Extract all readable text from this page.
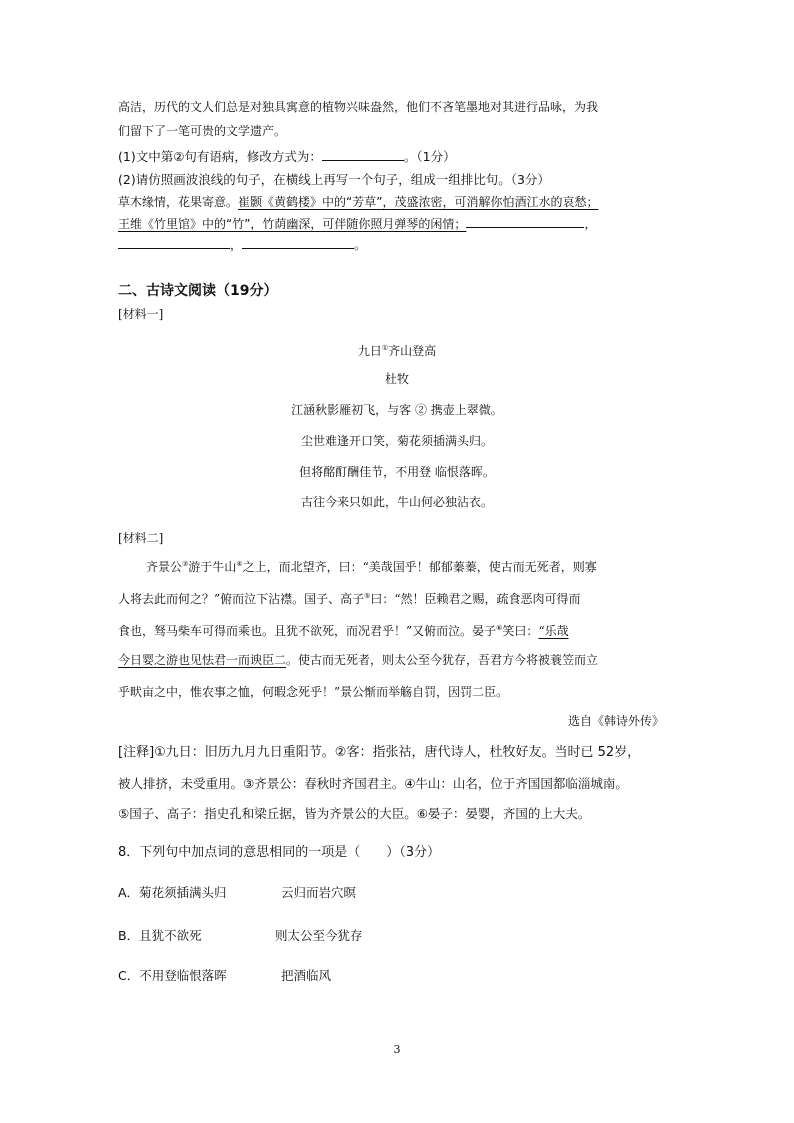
高洁，历代的文人们总是对独具寓意的植物兴味盎然，他们不吝笔墨地对其进行品咏，为我
们留下了一笔可贵的文学遗产。
(1)文中第②句有语病，修改方式为：	。（1分）
(2)请仿照画波浪线的句子，在横线上再写一个句子，组成一组排比句。（3分）
草木缘情，花果寄意。崔颢《黄鹤楼》中的“芳草”，茂盛浓密，可消解你怕酒江水的哀愁；
王维《竹里馆》中的“竹”，竹荫幽深，可伴随你照月弹琴的闲情；	，
，	。
二、古诗文阅读（19分）
[材料一]
九日①齐山登高
杜牧
江涵秋影雁初飞，与客 ② 携壶上翠微。
尘世难逢开口笑，菊花须插满头归。
但将酩酊酬佳节，不用登 临恨落晖。
古往今来只如此，牛山何必独沾衣。
[材料二]
齐景公③游于牛山④之上，而北望齐，曰：“美哉国乎！郁郁蓁蓁，使古而无死者，则寡
人将去此而何之？”俯而泣下沾襟。国子、高子⑤曰：“然！臣赖君之赐，疏食恶肉可得而
食也，驽马柴车可得而乘也。且犹不欲死，而况君乎！”又俯而泣。晏子⑥笑曰：“乐哉
今日婴之游也见怯君一而谀臣二。使古而无死者，则太公至今犹存，吾君方今将被蓑笠而立
乎畎亩之中，惟农事之恤，何暇念死乎！”景公惭而举觞自罚，因罚二臣。
选自《韩诗外传》
[注释]①九日：旧历九月九日重阳节。②客：指张祜，唐代诗人，杜牧好友。当时已 52岁，
被人排挤，未受重用。③齐景公：春秋时齐国君主。④牛山：山名，位于齐国国都临淄城南。
⑤国子、高子：指史孔和梁丘据，皆为齐景公的大臣。⑥晏子：晏婴，齐国的上大夫。
8．下列句中加点词的意思相同的一项是（　　）（3分）
A．菊花须插满头归	云归而岩穴暝
B．且犹不欲死	则太公至今犹存
C．不用登临恨落晖	把酒临风
3
